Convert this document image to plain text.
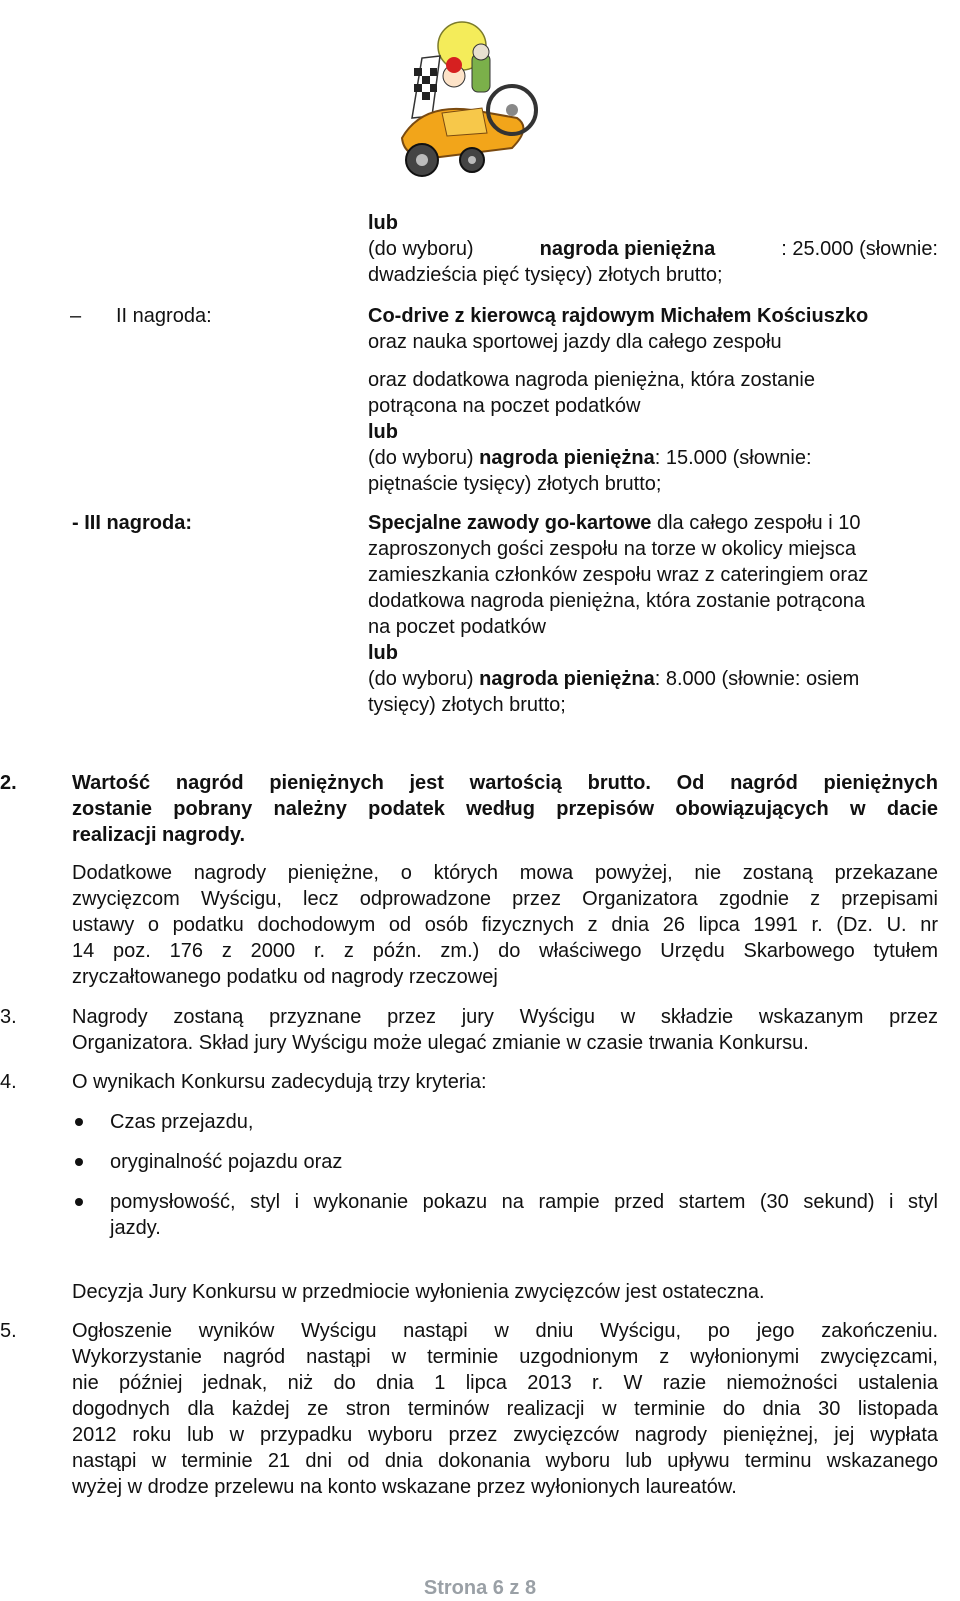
lub
(do wyboru)	nagroda pieniężna	: 25.000 (słownie:
dwadzieścia pięć tysięcy) złotych brutto;
– II nagroda:	Co-drive z kierowcą rajdowym Michałem Kościuszko
oraz nauka sportowej jazdy dla całego zespołu
oraz dodatkowa nagroda pieniężna, która zostanie
potrącona na poczet podatków
lub
(do wyboru) nagroda pieniężna: 15.000 (słownie:
piętnaście tysięcy) złotych brutto;
- III nagroda:	Specjalne zawody go-kartowe dla całego zespołu i 10
zaproszonych gości zespołu na torze w okolicy miejsca
zamieszkania członków zespołu wraz z cateringiem oraz
dodatkowa nagroda pieniężna, która zostanie potrącona
na poczet podatków
lub
(do wyboru) nagroda pieniężna: 8.000 (słownie: osiem
tysięcy) złotych brutto;
2.	Wartość nagród pieniężnych jest wartością brutto. Od nagród pieniężnych
zostanie pobrany należny podatek według przepisów obowiązujących w dacie
realizacji nagrody.
Dodatkowe nagrody pieniężne, o których mowa powyżej, nie zostaną przekazane
zwycięzcom Wyścigu, lecz odprowadzone przez Organizatora zgodnie z przepisami
ustawy o podatku dochodowym od osób fizycznych z dnia 26 lipca 1991 r. (Dz. U. nr
14 poz. 176 z 2000 r. z późn. zm.) do właściwego Urzędu Skarbowego tytułem
zryczałtowanego podatku od nagrody rzeczowej
3.	Nagrody zostaną przyznane przez jury Wyścigu w składzie wskazanym przez
Organizatora. Skład jury Wyścigu może ulegać zmianie w czasie trwania Konkursu.
4.	O wynikach Konkursu zadecydują trzy kryteria:
Czas przejazdu,
oryginalność pojazdu oraz
pomysłowość, styl i wykonanie pokazu na rampie przed startem (30 sekund) i styl
jazdy.
Decyzja Jury Konkursu w przedmiocie wyłonienia zwycięzców jest ostateczna.
5.	Ogłoszenie wyników Wyścigu nastąpi w dniu Wyścigu, po jego zakończeniu.
Wykorzystanie nagród nastąpi w terminie uzgodnionym z wyłonionymi zwycięzcami,
nie później jednak, niż do dnia 1 lipca 2013 r. W razie niemożności ustalenia
dogodnych dla każdej ze stron terminów realizacji w terminie do dnia 30 listopada
2012 roku lub w przypadku wyboru przez zwycięzców nagrody pieniężnej, jej wypłata
nastąpi w terminie 21 dni od dnia dokonania wyboru lub upływu terminu wskazanego
wyżej w drodze przelewu na konto wskazane przez wyłonionych laureatów.
Strona 6 z 8
